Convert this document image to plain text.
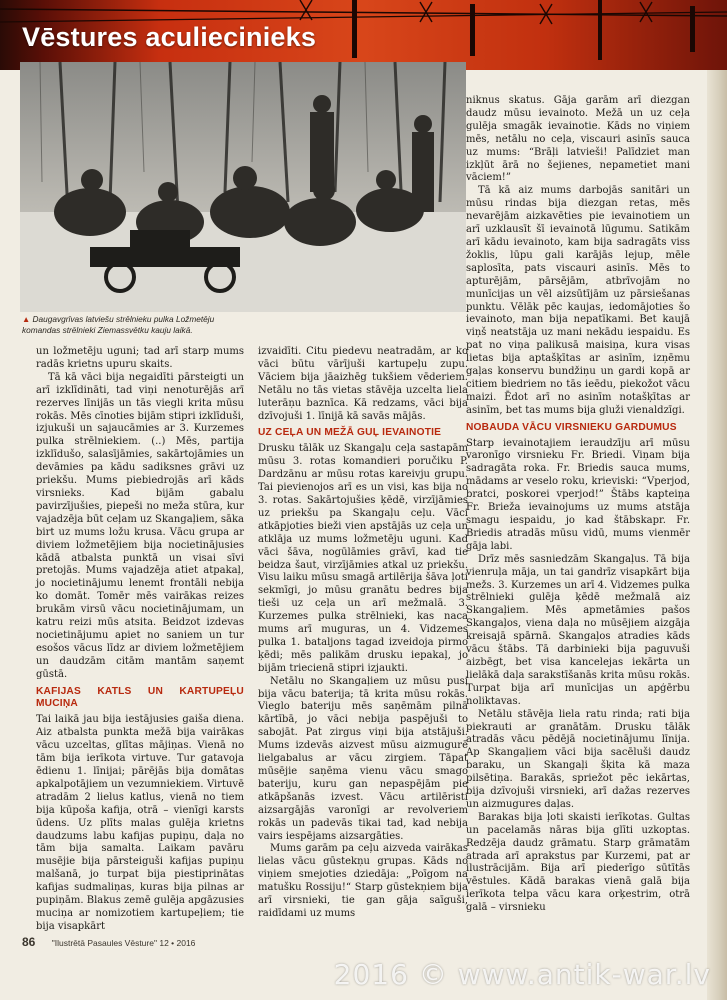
Vēstures aculiecinieks
▲ Daugavgrīvas latviešu strēlnieku pulka Ložmetēju
komandas strēlnieki Ziemassvētku kauju laikā.

un ložmetēju uguni; tad arī starp mums radās krietns upuru skaits.

Tā kā vāci bija negaidīti pārsteigti un arī izklīdināti, tad viņi nenoturējās arī rezerves līnijās un tās viegli krita mūsu rokās. Mēs cīnoties bijām stipri izklīduši, izjukuši un sajaucāmies ar 3. Kurzemes pulka strēlniekiem. (..) Mēs, partija izklīdušo, salasījāmies, sakārtojāmies un devāmies pa kādu sadiksnes grāvi uz priekšu. Mums piebiedrojās arī kāds virsnieks. Kad bijām gabalu pavirzījušies, piepeši no meža stūra, kur vajadzēja būt ceļam uz Skangaļiem, sāka birt uz mums ložu krusa. Vācu grupa ar diviem ložmetējiem bija nocietinājusies kādā atbalsta punktā un visai sīvi pretojās. Mums vajadzēja atiet atpakaļ, jo nocietinājumu lenemt frontāli nebija ko domāt. Tomēr mēs vairākas reizes brukām virsū vācu nocietinājumam, un katru reizi mūs atsita. Beidzot izdevas nocietinājumu apiet no saniem un tur esošos vācus līdz ar diviem ložmetējiem un daudzām citām mantām saņemt gūstā.

KAFIJAS KATLS UN KARTUPEĻU MUCIŅA

Tai laikā jau bija iestājusies gaiša diena. Aiz atbalsta punkta mežā bija vairākas vācu uzceltas, glītas mājiņas. Vienā no tām bija ierīkota virtuve. Tur gatavoja ēdienu 1. līnijai; pārējās bija domātas apkalpotājiem un vezumniekiem. Virtuvē atradām 2 lielus katlus, vienā no tiem bija kūpoša kafija, otrā – vienīgi karsts ūdens. Uz plīts malas gulēja krietns daudzums labu kafijas pupiņu, daļa no tām bija samalta. Laikam pavāru musējie bija pārsteiguši kafijas pupiņu malšanā, jo turpat bija piestiprinātas kafijas sudmaliņas, kuras bija pilnas ar pupiņām. Blakus zemē gulēja apgāzusies muciņa ar nomizotiem kartupeļiem; tie bija visapkārt

izvaidīti. Citu piedevu neatradām, ar ko vāci būtu vārījuši kartupeļu zupu. Vāciem bija jāaizhēg tukšiem vēderiem. Netālu no tās vietas stāvēja uzcelta liela luterāņu baznīca. Kā redzams, vāci bija dzīvojuši 1. līnijā kā savās mājās.

UZ CEĻA UN MEŽĀ GUĻ IEVAINOTIE

Drusku tālāk uz Skangaļu ceļa sastapām mūsu 3. rotas komandieri poručiku P. Dardzānu ar mūsu rotas kareivju grupu. Tai pievienojos arī es un visi, kas bija no 3. rotas. Sakārtojušies ķēdē, virzījāmies uz priekšu pa Skangaļu ceļu. Vāci atkāpjoties bieži vien apstājās uz ceļa un atklāja uz mums ložmetēju uguni. Kad vāci šāva, nogūlāmies grāvī, kad tie beidza šaut, virzījāmies atkal uz priekšu. Visu laiku mūsu smagā artilērija šāva ļoti sekmīgi, jo mūsu granātu bedres bija tieši uz ceļa un arī mežmalā. 3. Kurzemes pulka strēlnieki, kas naca mums arī muguras, un 4. Vidzemes pulka 1. bataljons tagad izveidoja pirmo ķēdi; mēs palikām drusku iepakaļ, jo bijām triecienā stipri izjaukti.

Netālu no Skangaļiem uz mūsu pusi bija vācu baterija; tā krita mūsu rokās. Vieglo bateriju mēs saņēmām pilnā kārtībā, jo vāci nebija paspējuši to sabojāt. Pat zirgus viņi bija atstājuši. Mums izdevās aizvest mūsu aizmugurē lielgabalus ar vācu zirgiem. Tāpat mūsējie saņēma vienu vācu smago bateriju, kuru gan nepaspējām pie atkāpšanās izvest. Vācu artilēristi aizsargājās varonīgi ar revolveriem rokās un padevās tikai tad, kad nebija vairs iespējams aizsargāties.

Mums garām pa ceļu aizveda vairākas lielas vācu gūstekņu grupas. Kāds no viņiem smejoties dziedāja: „Poīgom na matušku Rossiju!“ Starp gūstekņiem bija arī virsnieki, tie gan gāja saīguši, raidīdami uz mums

niknus skatus. Gāja garām arī diezgan daudz mūsu ievainoto. Mežā un uz ceļa gulēja smagāk ievainotie. Kāds no viņiem mēs, netālu no ceļa, viscauri asinīs sauca uz mums: “Brāļi latvieši! Palīdziet man izkļūt ārā no šejienes, nepametiet mani vāciem!”

Tā kā aiz mums darbojās sanitāri un mūsu rindas bija diezgan retas, mēs nevarējām aizkavēties pie ievainotiem un arī uzklausīt šī ievainotā lūgumu. Satikām arī kādu ievainoto, kam bija sadragāts viss žoklis, lūpu gali karājās lejup, mēle saplosīta, pats viscauri asinīs. Mēs to apturējām, pārsējām, atbrīvojām no munīcijas un vēl aizsūtījām uz pārsiešanas punktu. Vēlāk pēc kaujas, iedomājoties šo ievainoto, man bija nepatīkami. Bet kaujā viņš neatstāja uz mani nekādu iespaidu. Es pat no viņa palikusā maisiņa, kura visas lietas bija aptašķītas ar asinīm, izņēmu gaļas konservu bundžiņu un gardi kopā ar citiem biedriem no tās ieēdu, piekožot vācu maizi. Ēdot arī no asinīm notašķītas ar asinīm, bet tas mums bija gluži vienaldzīgi.

NOBAUDA VĀCU VIRSNIEKU GARDUMUS

Starp ievainotajiem ieraudzīju arī mūsu varonīgo virsnieku Fr. Briedi. Viņam bija sadragāta roka. Fr. Briedis sauca mums, mādams ar veselo roku, krieviski: “Vperjod, bratci, poskorei vperjod!” Štābs kapteiņa Fr. Brieža ievainojums uz mums atstāja smagu iespaidu, jo kad štābskapr. Fr. Briedis atradās mūsu vidū, mums vienmēr gāja labi.

Drīz mēs sasniedzām Skangaļus. Tā bija vienruļa māja, un tai gandrīz visapkārt bija mežs. 3. Kurzemes un arī 4. Vidzemes pulka strēlnieki gulēja ķēdē mežmalā aiz Skangaļiem. Mēs apmetāmies pašos Skangaļos, viena daļa no mūsējiem aizgāja kreisajā spārnā. Skangaļos atradies kāds vācu štābs. Tā darbinieki bija paguvuši aizbēgt, bet visa kancelejas iekārta un lielākā daļa sarakstīšanās krita mūsu rokās. Turpat bija arī munīcijas un apģērbu noliktavas.

Netālu stāvēja liela ratu rinda; rati bija piekrauti ar granātām. Drusku tālāk atradās vācu pēdējā nocietinājumu līnija. Ap Skangaļiem vāci bija sacēluši daudz baraku, un Skangaļi šķita kā maza pilsētiņa. Barakās, spriežot pēc iekārtas, bija dzīvojuši virsnieki, arī dažas rezerves un aizmugures daļas.

Barakas bija ļoti skaisti ierīkotas. Gultas un pacelamās nāras bija glīti uzkoptas. Redzēja daudz grāmatu. Starp grāmatām atrada arī aprakstus par Kurzemi, pat ar ilustrācijām. Bija arī piederīgo sūtītās vēstules. Kādā barakas vienā galā bija ierīkota telpa vācu kara orķestrim, otrā galā – virsnieku

86 "Ilustrētā Pasaules Vēsture" 12 • 2016
2016 © www.antik-war.lv
